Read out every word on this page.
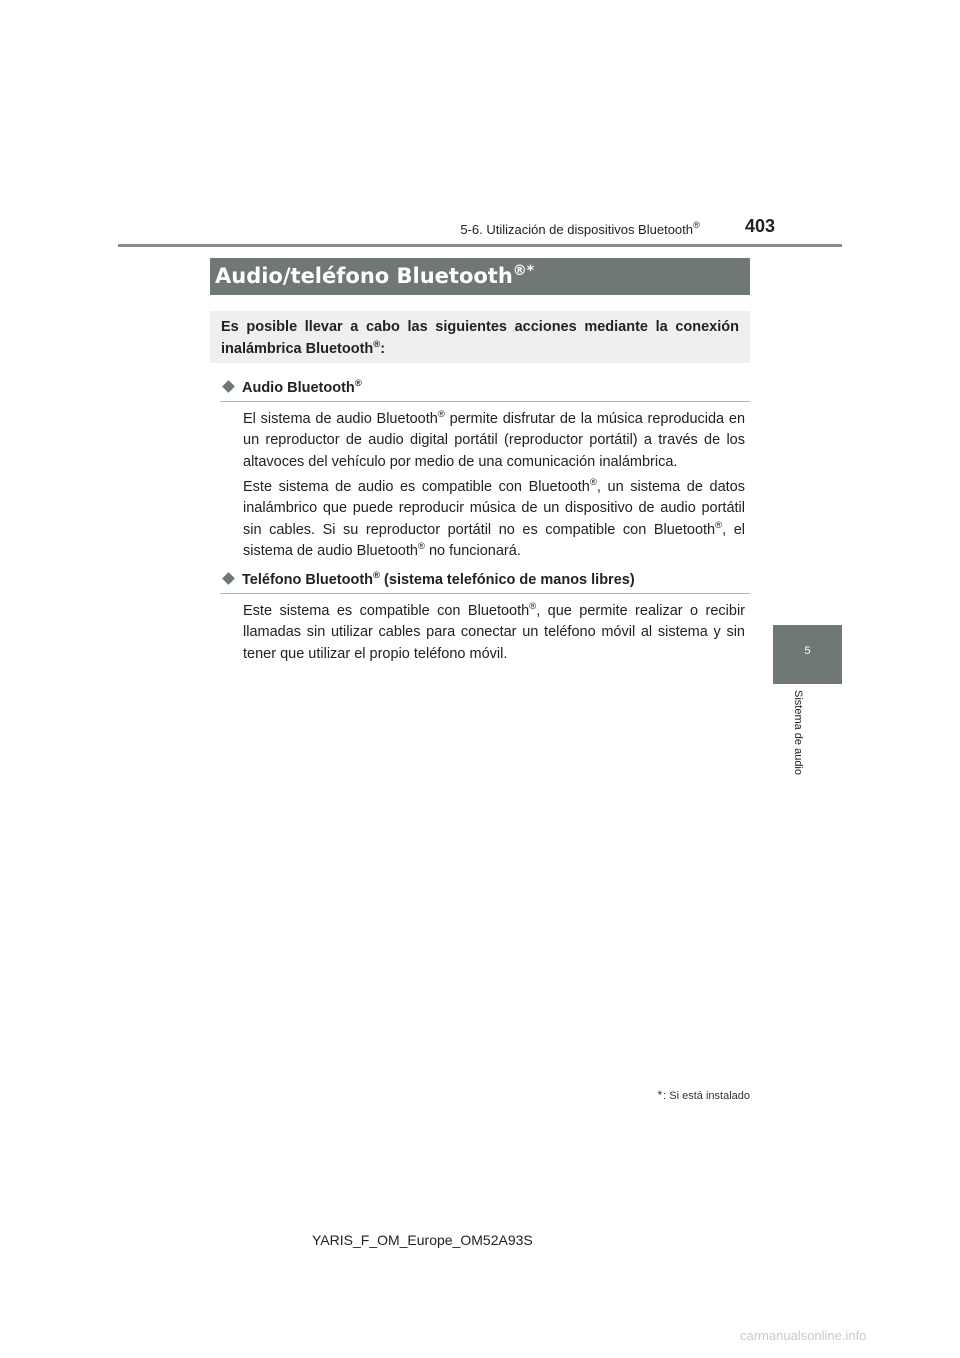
5-6. Utilización de dispositivos Bluetooth®	403
5
Sistema de audio
Audio/teléfono Bluetooth®*
Es posible llevar a cabo las siguientes acciones mediante la conexión inalámbrica Bluetooth®:
Audio Bluetooth®
El sistema de audio Bluetooth® permite disfrutar de la música reproducida en un reproductor de audio digital portátil (reproductor portátil) a través de los altavoces del vehículo por medio de una comunicación inalámbrica.
Este sistema de audio es compatible con Bluetooth®, un sistema de datos inalámbrico que puede reproducir música de un dispositivo de audio portátil sin cables. Si su reproductor portátil no es compatible con Bluetooth®, el sistema de audio Bluetooth® no funcionará.
Teléfono Bluetooth® (sistema telefónico de manos libres)
Este sistema es compatible con Bluetooth®, que permite realizar o recibir llamadas sin utilizar cables para conectar un teléfono móvil al sistema y sin tener que utilizar el propio teléfono móvil.
*: Si está instalado
YARIS_F_OM_Europe_OM52A93S
carmanualsonline.info
